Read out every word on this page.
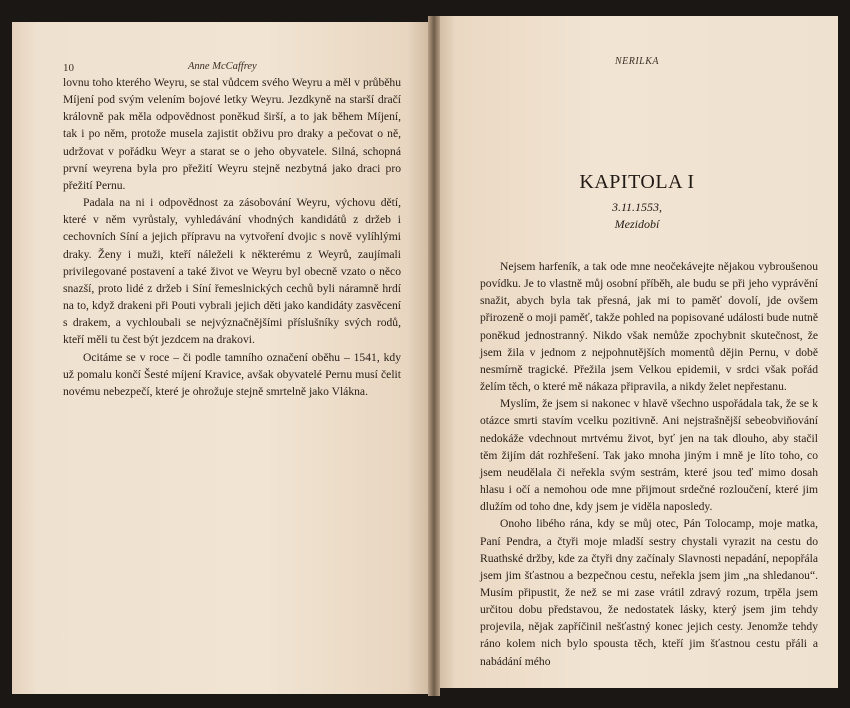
10	Anne McCaffrey

lovnu toho kterého Weyru, se stal vůdcem svého Weyru a měl v průběhu Míjení pod svým velením bojové letky Weyru. Jezdkyně na starší dračí královně pak měla odpovědnost poněkud širší, a to jak během Míjení, tak i po něm, protože musela zajistit obživu pro draky a pečovat o ně, udržovat v pořádku Weyr a starat se o jeho obyvatele. Silná, schopná první weyrena byla pro přežití Weyru stejně nezbytná jako draci pro přežití Pernu.

Padala na ni i odpovědnost za zásobování Weyru, výchovu dětí, které v něm vyrůstaly, vyhledávání vhodných kandidátů z držeb i cechovních Síní a jejich přípravu na vytvoření dvojic s nově vylíhlými draky. Ženy i muži, kteří náleželi k některému z Weyrů, zaujímali privilegované postavení a také život ve Weyru byl obecně vzato o něco snazší, proto lidé z držeb i Síní řemeslnických cechů byli náramně hrdí na to, když drakeni při Pouti vybrali jejich děti jako kandidáty zasvěcení s drakem, a vychloubali se nejvýznačnějšími příslušníky svých rodů, kteří měli tu čest být jezdcem na drakovi.

Ocitáme se v roce – či podle tamního označení oběhu – 1541, kdy už pomalu končí Šesté míjení Kravice, avšak obyvatelé Pernu musí čelit novému nebezpečí, které je ohrožuje stejně smrtelně jako Vlákna.

NERILKA
KAPITOLA I
3.11.1553,
Mezidobí

Nejsem harfeník, a tak ode mne neočekávejte nějakou vybroušenou povídku. Je to vlastně můj osobní příběh, ale budu se při jeho vyprávění snažit, abych byla tak přesná, jak mi to paměť dovolí, jde ovšem přirozeně o moji paměť, takže pohled na popisované události bude nutně poněkud jednostranný. Nikdo však nemůže zpochybnit skutečnost, že jsem žila v jednom z nejpohnutějších momentů dějin Pernu, v době nesmírně tragické. Přežila jsem Velkou epidemii, v srdci však pořád želím těch, o které mě nákaza připravila, a nikdy želet nepřestanu.

Myslím, že jsem si nakonec v hlavě všechno uspořádala tak, že se k otázce smrti stavím vcelku pozitivně. Ani nejstrašnější sebeobviňování nedokáže vdechnout mrtvému život, byť jen na tak dlouho, aby stačil těm žijím dát rozhřešení. Tak jako mnoha jiným i mně je líto toho, co jsem neudělala či neřekla svým sestrám, které jsou teď mimo dosah hlasu i očí a nemohou ode mne přijmout srdečné rozloučení, které jim dlužím od toho dne, kdy jsem je viděla naposledy.

Onoho libého rána, kdy se můj otec, Pán Tolocamp, moje matka, Paní Pendra, a čtyři moje mladší sestry chystali vyrazit na cestu do Ruathské držby, kde za čtyři dny začínaly Slavnosti nepadání, nepopřála jsem jim šťastnou a bezpečnou cestu, neřekla jsem jim „na shledanou“. Musím připustit, že než se mi zase vrátil zdravý rozum, trpěla jsem určitou dobu představou, že nedostatek lásky, který jsem jim tehdy projevila, nějak zapříčinil nešťastný konec jejich cesty. Jenomže tehdy ráno kolem nich bylo spousta těch, kteří jim šťastnou cestu přáli a nabádání mého
